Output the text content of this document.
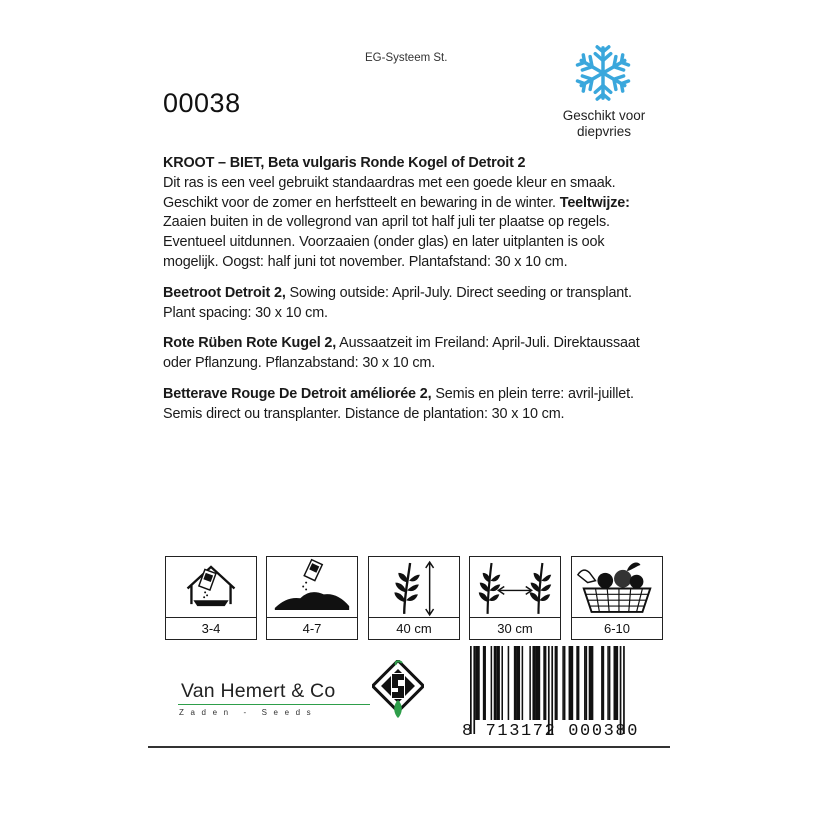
EG-Systeem St.
00038	Geschikt voor
diepvries

KROOT – BIET, Beta vulgaris Ronde Kogel of Detroit 2
Dit ras is een veel gebruikt standaardras met een goede kleur en smaak. Geschikt voor de zomer en herfstteelt en bewaring in de winter. Teeltwijze: Zaaien buiten in de vollegrond van april tot half juli ter plaatse op regels. Eventueel uitdunnen. Voorzaaien (onder glas) en later uitplanten is ook mogelijk. Oogst: half juni tot november. Plantafstand: 30 x 10 cm.

Beetroot Detroit 2, Sowing outside: April-July. Direct seeding or transplant. Plant spacing: 30 x 10 cm.

Rote Rüben Rote Kugel 2, Aussaatzeit im Freiland: April-Juli. Direktaussaat oder Pflanzung. Pflanzabstand: 30 x 10 cm.

Betterave Rouge De Detroit améliorée 2, Semis en plein terre: avril-juillet. Semis direct ou transplanter. Distance de plantation: 30 x 10 cm.

3-4	4-7	40 cm	30 cm	6-10
Van Hemert & Co
Zaden - Seeds
8 713172 000380
